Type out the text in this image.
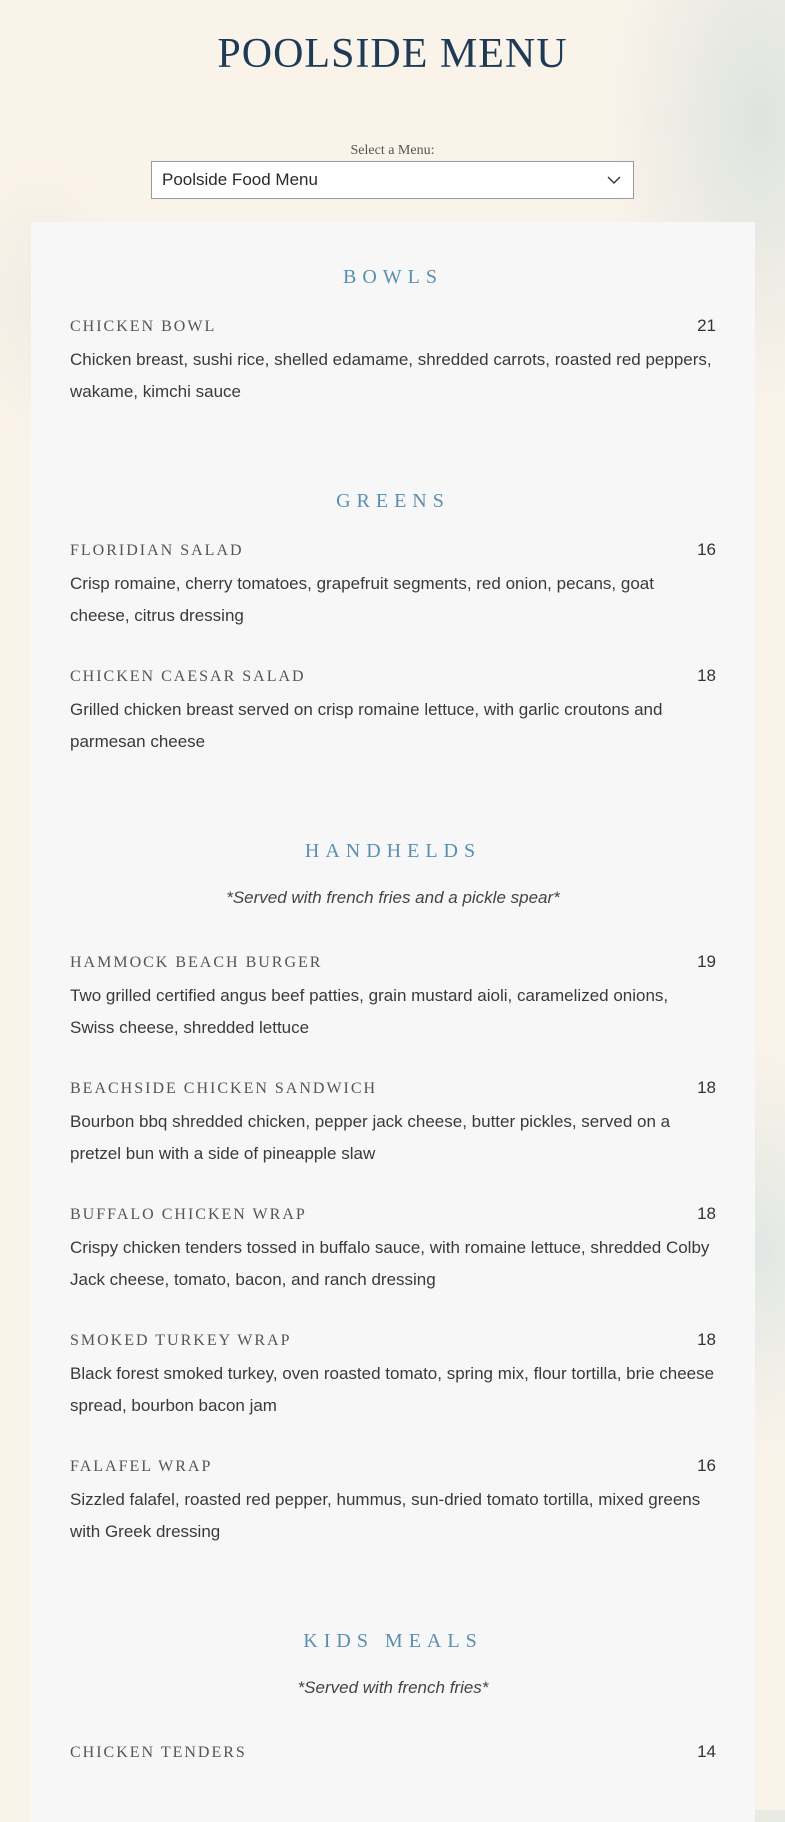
POOLSIDE MENU
Select a Menu:
Poolside Food Menu
BOWLS
CHICKEN BOWL	21
Chicken breast, sushi rice, shelled edamame, shredded carrots, roasted red peppers, wakame, kimchi sauce
GREENS
FLORIDIAN SALAD	16
Crisp romaine, cherry tomatoes, grapefruit segments, red onion, pecans, goat cheese, citrus dressing
CHICKEN CAESAR SALAD	18
Grilled chicken breast served on crisp romaine lettuce, with garlic croutons and parmesan cheese
HANDHELDS
*Served with french fries and a pickle spear*
HAMMOCK BEACH BURGER	19
Two grilled certified angus beef patties, grain mustard aioli, caramelized onions, Swiss cheese, shredded lettuce
BEACHSIDE CHICKEN SANDWICH	18
Bourbon bbq shredded chicken, pepper jack cheese, butter pickles, served on a pretzel bun with a side of pineapple slaw
BUFFALO CHICKEN WRAP	18
Crispy chicken tenders tossed in buffalo sauce, with romaine lettuce, shredded Colby Jack cheese, tomato, bacon, and ranch dressing
SMOKED TURKEY WRAP	18
Black forest smoked turkey, oven roasted tomato, spring mix, flour tortilla, brie cheese spread, bourbon bacon jam
FALAFEL WRAP	16
Sizzled falafel, roasted red pepper, hummus, sun-dried tomato tortilla, mixed greens with Greek dressing
KIDS MEALS
*Served with french fries*
CHICKEN TENDERS	14
